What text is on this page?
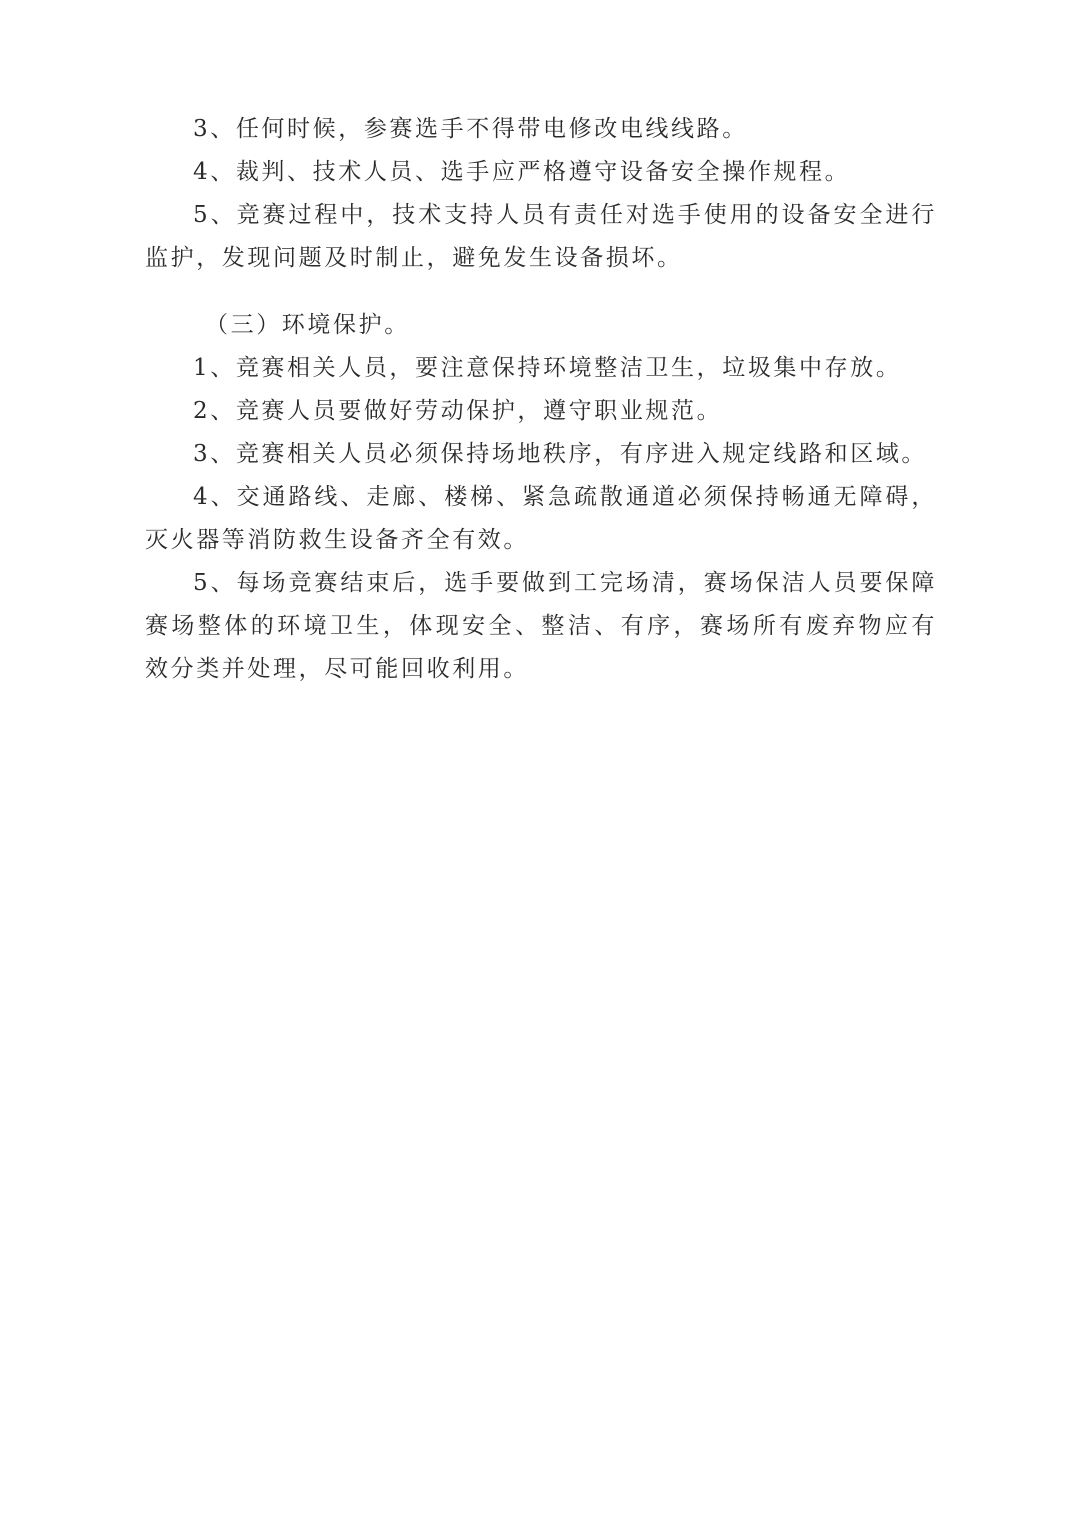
3、任何时候，参赛选手不得带电修改电线线路。

4、裁判、技术人员、选手应严格遵守设备安全操作规程。

5、竞赛过程中，技术支持人员有责任对选手使用的设备安全进行监护，发现问题及时制止，避免发生设备损坏。

（三）环境保护。

1、竞赛相关人员，要注意保持环境整洁卫生，垃圾集中存放。

2、竞赛人员要做好劳动保护，遵守职业规范。

3、竞赛相关人员必须保持场地秩序，有序进入规定线路和区域。

4、交通路线、走廊、楼梯、紧急疏散通道必须保持畅通无障碍，灭火器等消防救生设备齐全有效。

5、每场竞赛结束后，选手要做到工完场清，赛场保洁人员要保障赛场整体的环境卫生，体现安全、整洁、有序，赛场所有废弃物应有效分类并处理，尽可能回收利用。
